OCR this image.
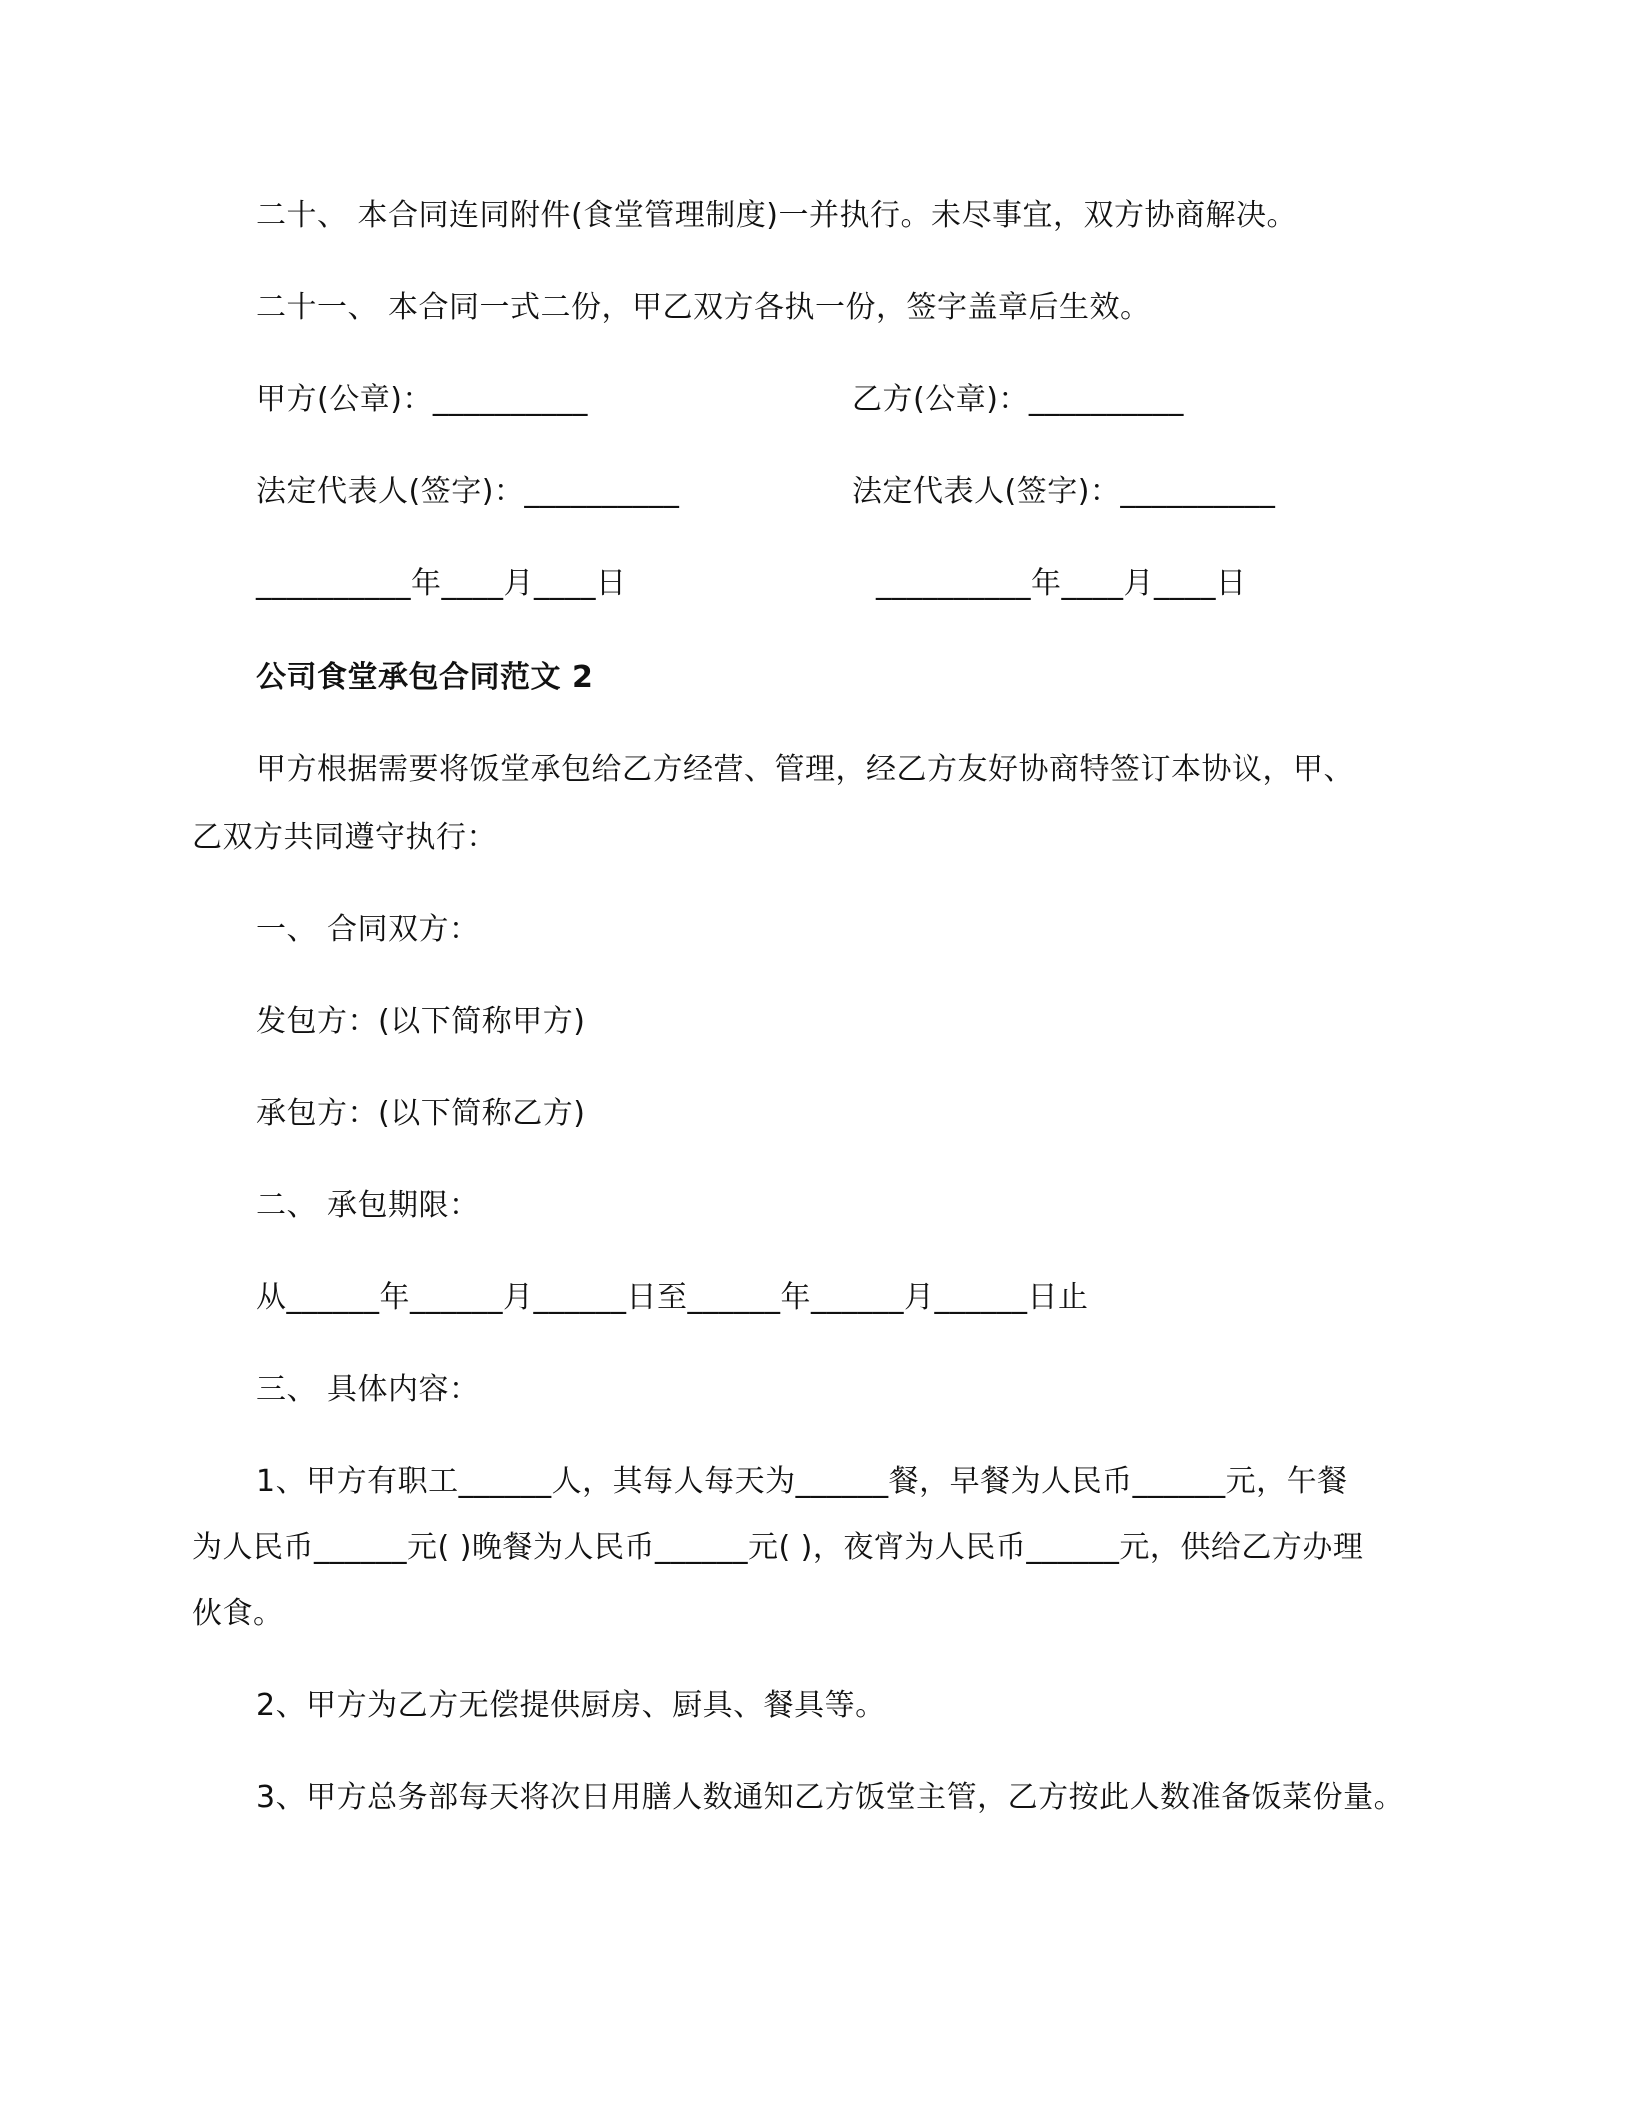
二十、 本合同连同附件(食堂管理制度)一并执行。未尽事宜，双方协商解决。
二十一、 本合同一式二份，甲乙双方各执一份，签字盖章后生效。
甲方(公章)：__________	乙方(公章)：__________
法定代表人(签字)：__________	法定代表人(签字)：__________
__________年____月____日	__________年____月____日
公司食堂承包合同范文 2
甲方根据需要将饭堂承包给乙方经营、管理，经乙方友好协商特签订本协议，甲、
乙双方共同遵守执行：
一、 合同双方：
发包方：(以下简称甲方)
承包方：(以下简称乙方)
二、 承包期限：
从______年______月______日至______年______月______日止
三、 具体内容：
1、甲方有职工______人，其每人每天为______餐，早餐为人民币______元，午餐
为人民币______元( )晚餐为人民币______元( )，夜宵为人民币______元，供给乙方办理
伙食。
2、甲方为乙方无偿提供厨房、厨具、餐具等。
3、甲方总务部每天将次日用膳人数通知乙方饭堂主管，乙方按此人数准备饭菜份量。
